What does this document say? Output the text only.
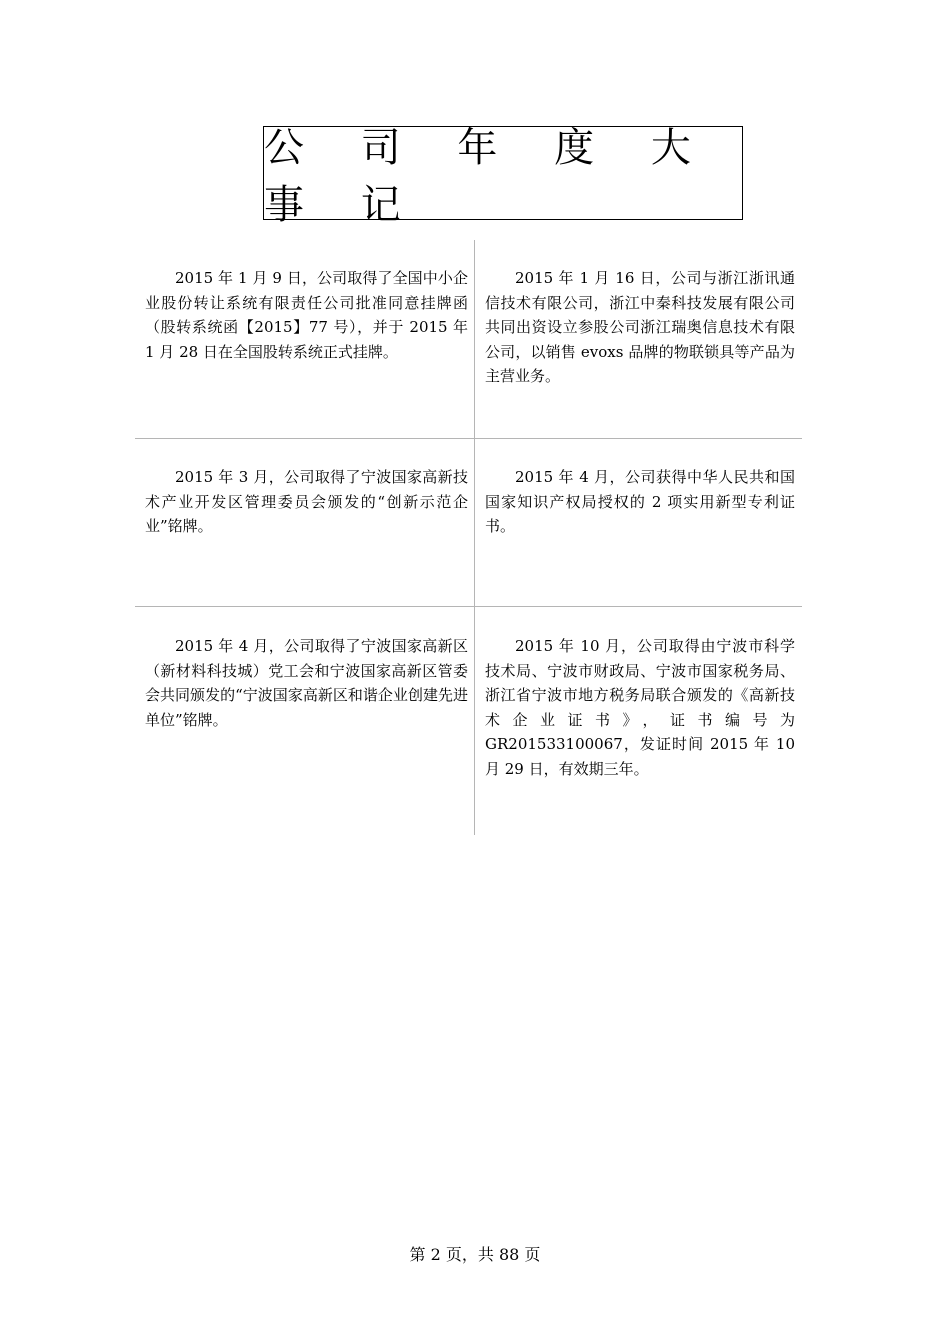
公 司 年 度 大 事 记

2015 年 1 月 9 日，公司取得了全国中小企业股份转让系统有限责任公司批准同意挂牌函（股转系统函【2015】77 号），并于 2015 年 1 月 28 日在全国股转系统正式挂牌。

2015 年 1 月 16 日，公司与浙江浙讯通信技术有限公司，浙江中秦科技发展有限公司共同出资设立参股公司浙江瑞奥信息技术有限公司，以销售 evoxs 品牌的物联锁具等产品为主营业务。

2015 年 3 月，公司取得了宁波国家高新技术产业开发区管理委员会颁发的“创新示范企业”铭牌。

2015 年 4 月，公司获得中华人民共和国国家知识产权局授权的 2 项实用新型专利证书。

2015 年 4 月，公司取得了宁波国家高新区（新材料科技城）党工会和宁波国家高新区管委会共同颁发的“宁波国家高新区和谐企业创建先进单位”铭牌。

2015 年 10 月，公司取得由宁波市科学技术局、宁波市财政局、宁波市国家税务局、浙江省宁波市地方税务局联合颁发的《高新技术企业证书》，证书编号为GR201533100067，发证时间 2015 年 10 月 29 日，有效期三年。

第 2 页，共 88 页
